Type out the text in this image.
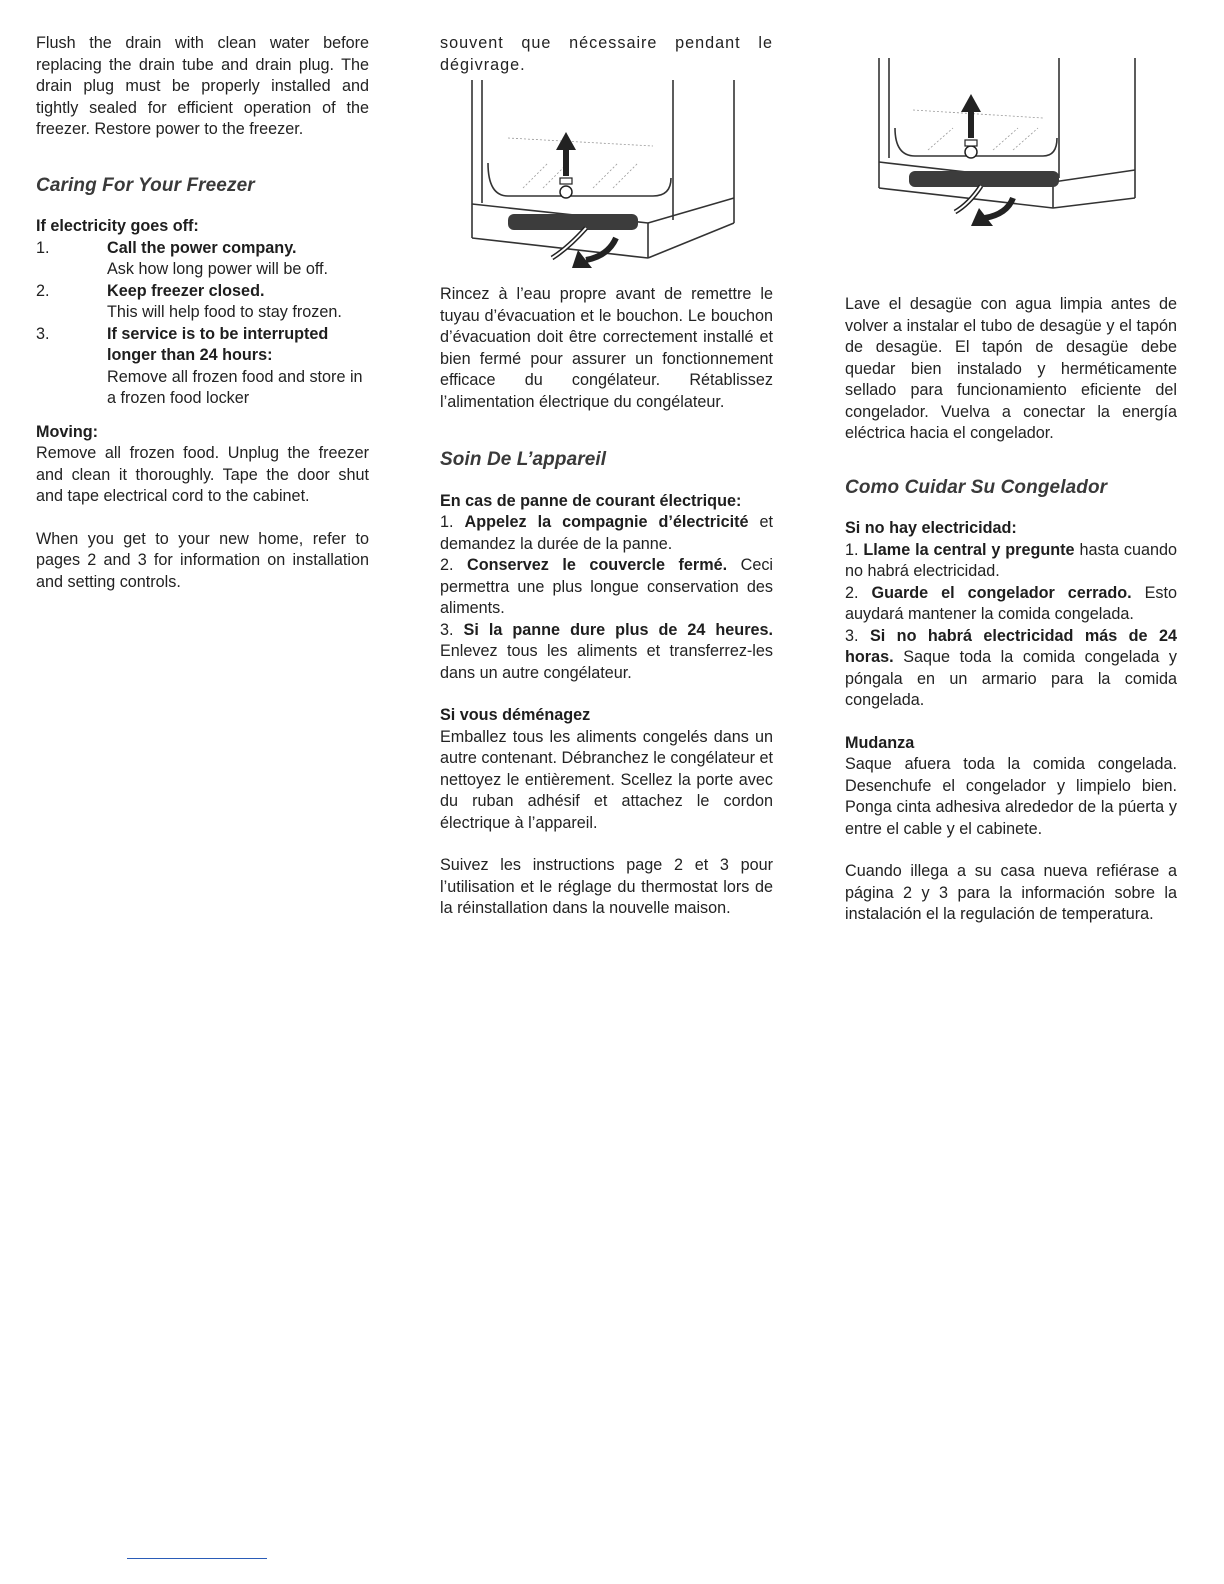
Flush the drain with clean water before replacing the drain tube and drain plug. The drain plug must be properly installed and tightly sealed for efficient operation of the freezer. Restore power to the freezer.

Caring For Your Freezer

If electricity goes off:

1.	Call the power company.
Ask how long power will be off.
2.	Keep freezer closed.
This will help food to stay frozen.
3.	If service is to be interrupted longer than 24 hours:
Remove all frozen food and store in a frozen food locker

Moving:

Remove all frozen food. Unplug the freezer and clean it thoroughly. Tape the door shut and tape electrical cord to the cabinet.

When you get to your new home, refer to pages 2 and 3 for information on installation and setting controls.

souvent que nécessaire pendant le dégivrage.

Rincez à l’eau propre avant de remettre le tuyau d’évacuation et le bouchon. Le bouchon d’évacuation doit être correctement installé et bien fermé pour assurer un fonctionnement efficace du congélateur. Rétablissez l’alimentation électrique du congélateur.

Soin De L’appareil

En cas de panne de courant électrique:

1. Appelez la compagnie d’électricité et demandez la durée de la panne.

2. Conservez le couvercle fermé. Ceci permettra une plus longue conservation des aliments.

3. Si la panne dure plus de 24 heures. Enlevez tous les aliments et transferrez-les dans un autre congélateur.

Si vous déménagez

Emballez tous les aliments congelés dans un autre contenant. Débranchez le congélateur et nettoyez le entièrement. Scellez la porte avec du ruban adhésif et attachez le cordon électrique à l’appareil.

Suivez les instructions page 2 et 3 pour l’utilisation et le réglage du thermostat lors de la réinstallation dans la nouvelle maison.

Lave el desagüe con agua limpia antes de volver a instalar el tubo de desagüe y el tapón de desagüe. El tapón de desagüe debe quedar bien instalado y herméticamente sellado para funcionamiento eficiente del congelador. Vuelva a conectar la energía eléctrica hacia el congelador.

Como Cuidar Su Congelador

Si no hay electricidad:

1. Llame la central y pregunte hasta cuando no habrá electricidad.

2. Guarde el congelador cerrado. Esto auydará mantener la comida congelada.

3. Si no habrá electricidad más de 24 horas. Saque toda la comida congelada y póngala en un armario para la comida congelada.

Mudanza

Saque afuera toda la comida congelada. Desenchufe el congelador y limpielo bien. Ponga cinta adhesiva alrededor de la púerta y entre el cable y el cabinete.

Cuando illega a su casa nueva refiérase a página 2 y 3 para la información sobre la instalación el la regulación de temperatura.
